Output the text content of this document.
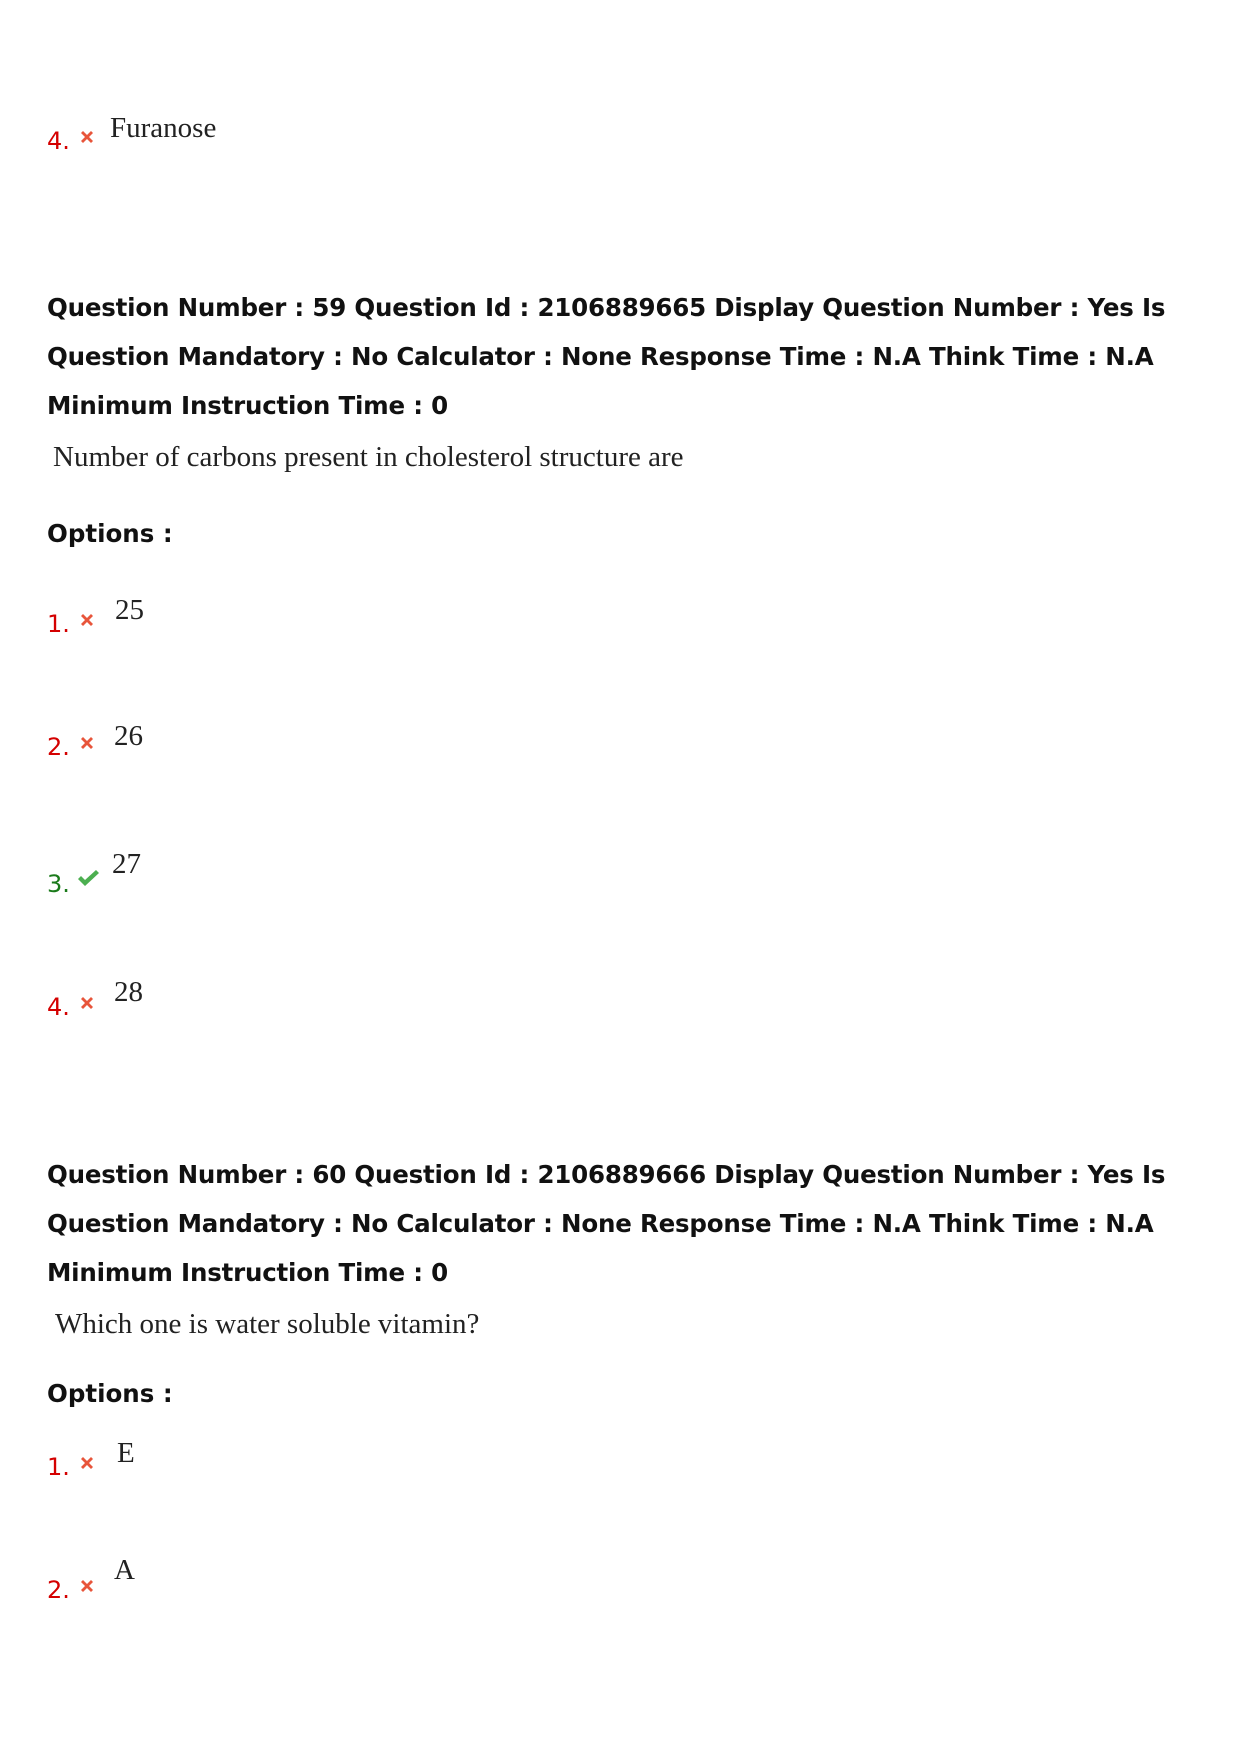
4. Furanose
Question Number : 59 Question Id : 2106889665 Display Question Number : Yes Is Question Mandatory : No Calculator : None Response Time : N.A Think Time : N.A Minimum Instruction Time : 0
Number of carbons present in cholesterol structure are
Options :
1. 25
2. 26
3.
27
4. 28
Question Number : 60 Question Id : 2106889666 Display Question Number : Yes Is Question Mandatory : No Calculator : None Response Time : N.A Think Time : N.A Minimum Instruction Time : 0
Which one is water soluble vitamin?
Options :
1. E
2.
A
